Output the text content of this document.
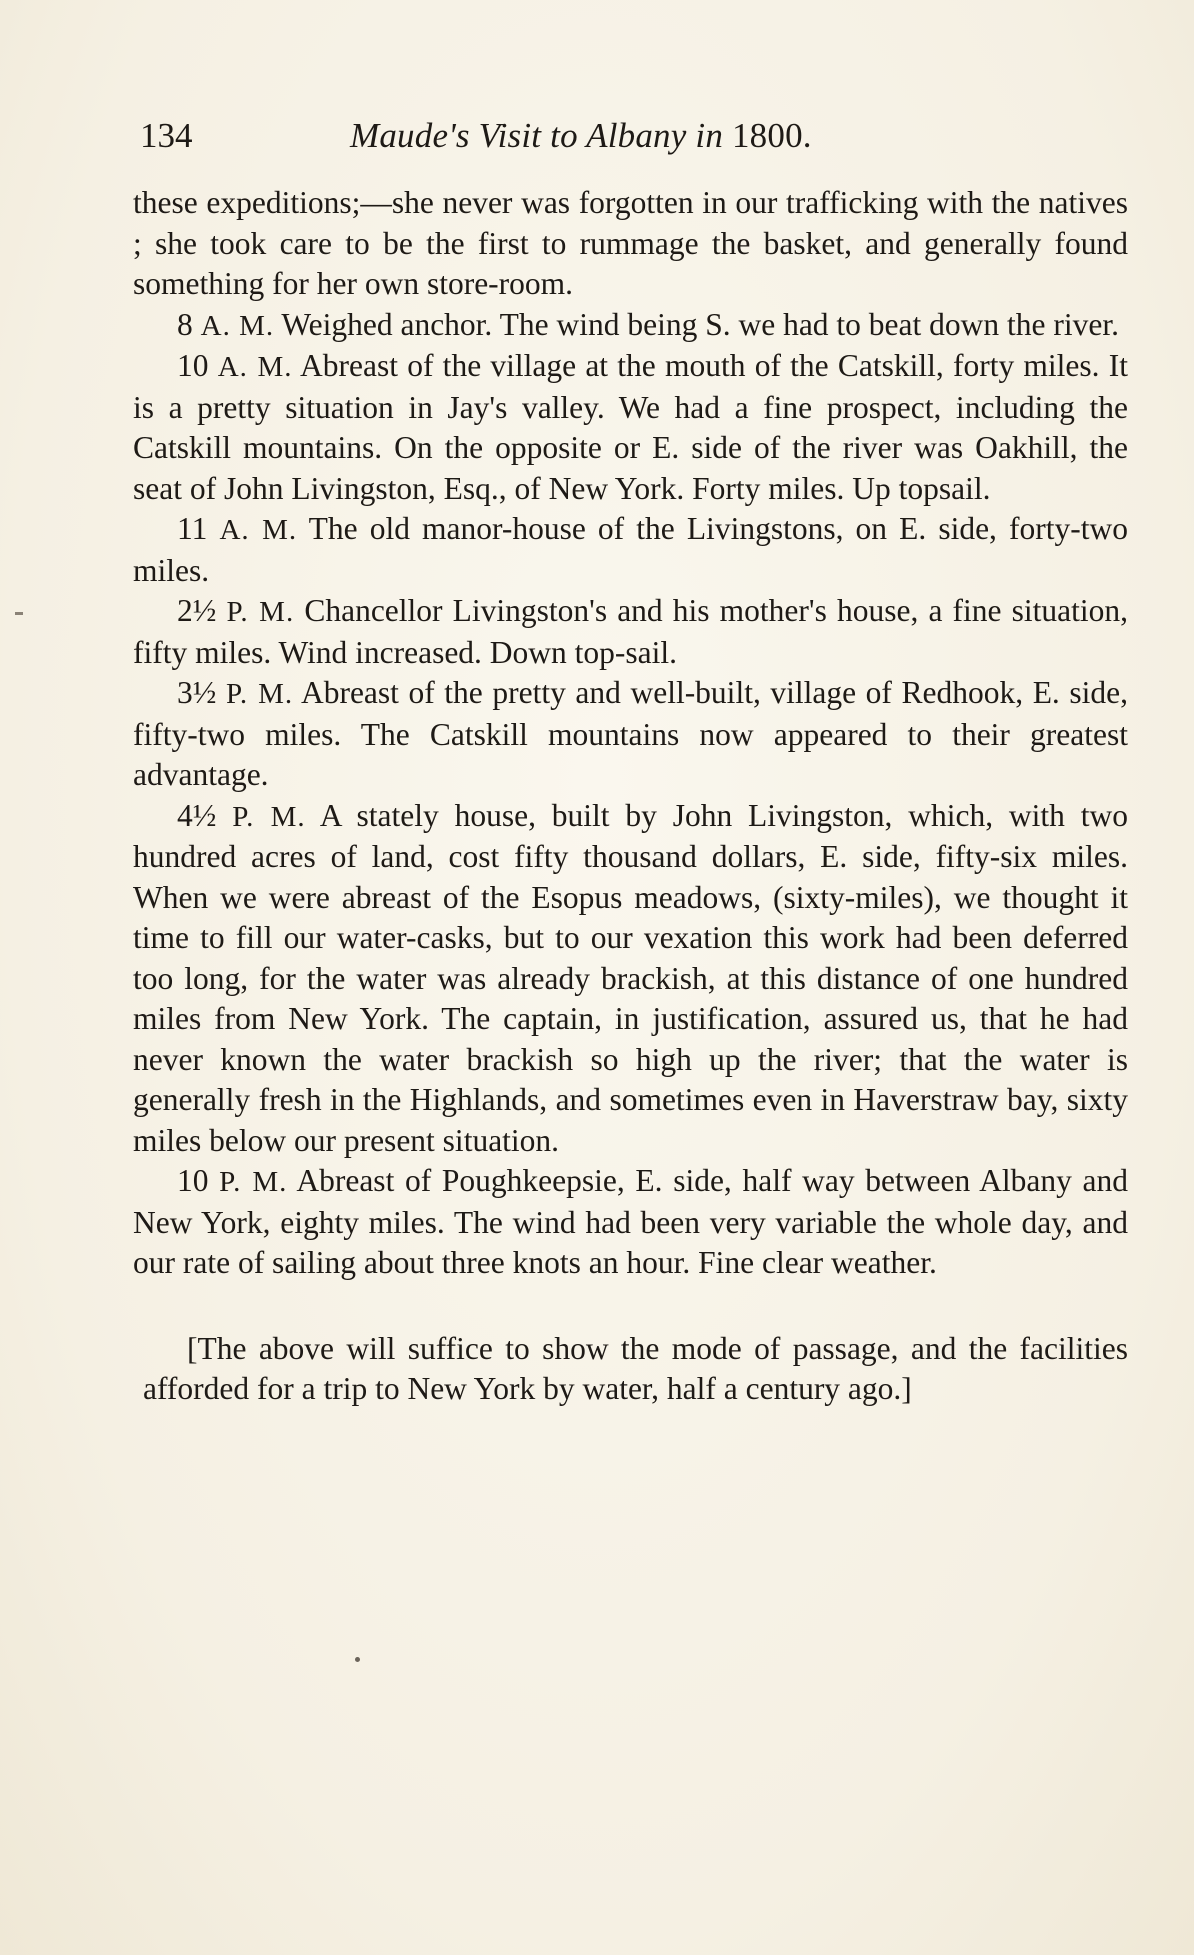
134	Maude's Visit to Albany in 1800.

these expeditions;—she never was forgotten in our trafficking with the natives ; she took care to be the first to rummage the basket, and generally found something for her own store-room.

8 A. M. Weighed anchor. The wind being S. we had to beat down the river.

10 A. M. Abreast of the village at the mouth of the Catskill, forty miles. It is a pretty situation in Jay's valley. We had a fine prospect, including the Catskill mountains. On the opposite or E. side of the river was Oakhill, the seat of John Livingston, Esq., of New York. Forty miles. Up topsail.

11 A. M. The old manor-house of the Livingstons, on E. side, forty-two miles.

2½ P. M. Chancellor Livingston's and his mother's house, a fine situation, fifty miles. Wind increased. Down top-sail.

3½ P. M. Abreast of the pretty and well-built, village of Redhook, E. side, fifty-two miles. The Catskill mountains now appeared to their greatest advantage.

4½ P. M. A stately house, built by John Livingston, which, with two hundred acres of land, cost fifty thousand dollars, E. side, fifty-six miles. When we were abreast of the Esopus meadows, (sixty-miles), we thought it time to fill our water-casks, but to our vexation this work had been deferred too long, for the water was already brackish, at this distance of one hundred miles from New York. The captain, in justification, assured us, that he had never known the water brackish so high up the river; that the water is generally fresh in the Highlands, and sometimes even in Haverstraw bay, sixty miles below our present situation.

10 P. M. Abreast of Poughkeepsie, E. side, half way between Albany and New York, eighty miles. The wind had been very variable the whole day, and our rate of sailing about three knots an hour. Fine clear weather.

[The above will suffice to show the mode of passage, and the facilities afforded for a trip to New York by water, half a century ago.]
